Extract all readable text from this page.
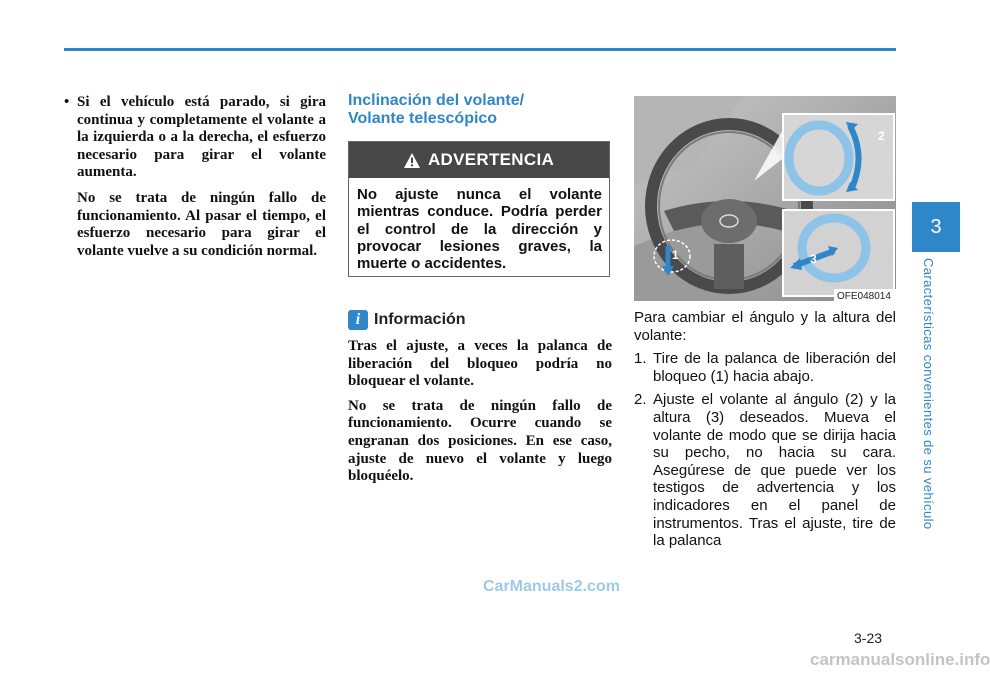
• Si el vehículo está parado, si gira continua y completamente el volante a la izquierda o a la derecha, el esfuerzo necesario para girar el volante aumenta.
No se trata de ningún fallo de funcionamiento. Al pasar el tiempo, el esfuerzo necesario para girar el volante vuelve a su condición normal.

Inclinación del volante/

Volante telescópico

ADVERTENCIA
No ajuste nunca el volante mientras conduce. Podría perder el control de la dirección y provocar lesiones graves, la muerte o accidentes.
i Información

Tras el ajuste, a veces la palanca de liberación del bloqueo podría no bloquear el volante.

No se trata de ningún fallo de funcionamiento. Ocurre cuando se engranan dos posiciones. En ese caso, ajuste de nuevo el volante y luego bloquéelo.

2
3
1
OFE048014

Para cambiar el ángulo y la altura del volante:

1. Tire de la palanca de liberación del bloqueo (1) hacia abajo.
2. Ajuste el volante al ángulo (2) y la altura (3) deseados. Mueva el volante de modo que se dirija hacia su pecho, no hacia su cara. Asegúrese de que puede ver los testigos de advertencia y los indicadores en el panel de instrumentos. Tras el ajuste, tire de la palanca
3
Características convenientes de su vehículo
3-23
CarManuals2.com
carmanualsonline.info
